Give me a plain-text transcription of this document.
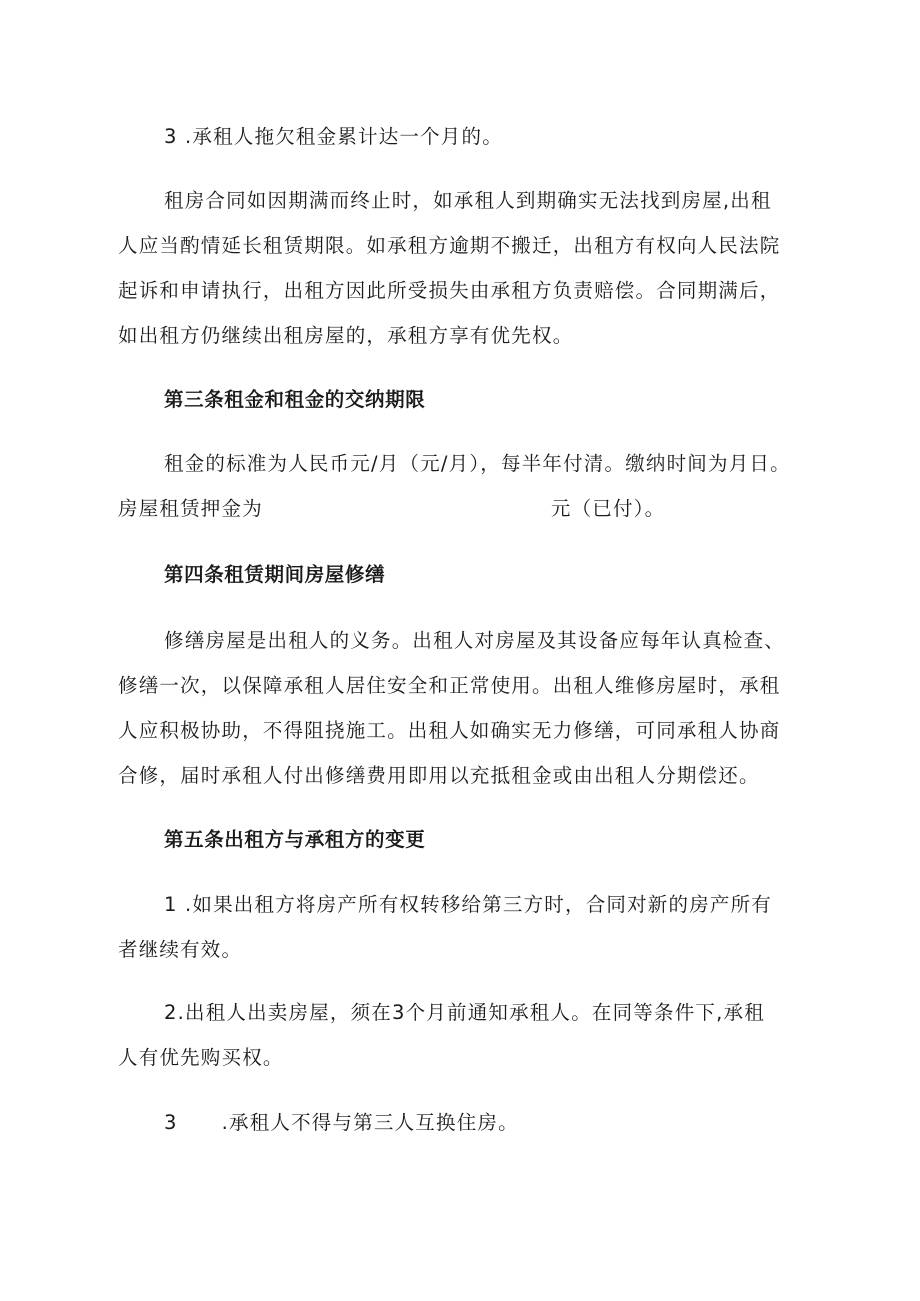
3 .承租人拖欠租金累计达一个月的。

租房合同如因期满而终止时，如承租人到期确实无法找到房屋,出租
人应当酌情延长租赁期限。如承租方逾期不搬迁，出租方有权向人民法院
起诉和申请执行，出租方因此所受损失由承租方负责赔偿。合同期满后，
如出租方仍继续出租房屋的，承租方享有优先权。

第三条租金和租金的交纳期限

租金的标准为人民币元/月（元/月），每半年付清。缴纳时间为月日。
房屋租赁押金为	元（已付）。

第四条租赁期间房屋修缮

修缮房屋是出租人的义务。出租人对房屋及其设备应每年认真检查、
修缮一次，以保障承租人居住安全和正常使用。出租人维修房屋时，承租
人应积极协助，不得阻挠施工。出租人如确实无力修缮，可同承租人协商
合修，届时承租人付出修缮费用即用以充抵租金或由出租人分期偿还。

第五条出租方与承租方的变更

1 .如果出租方将房产所有权转移给第三方时，合同对新的房产所有
者继续有效。

2.出租人出卖房屋，须在3个月前通知承租人。在同等条件下,承租
人有优先购买权。

3 .承租人不得与第三人互换住房。
